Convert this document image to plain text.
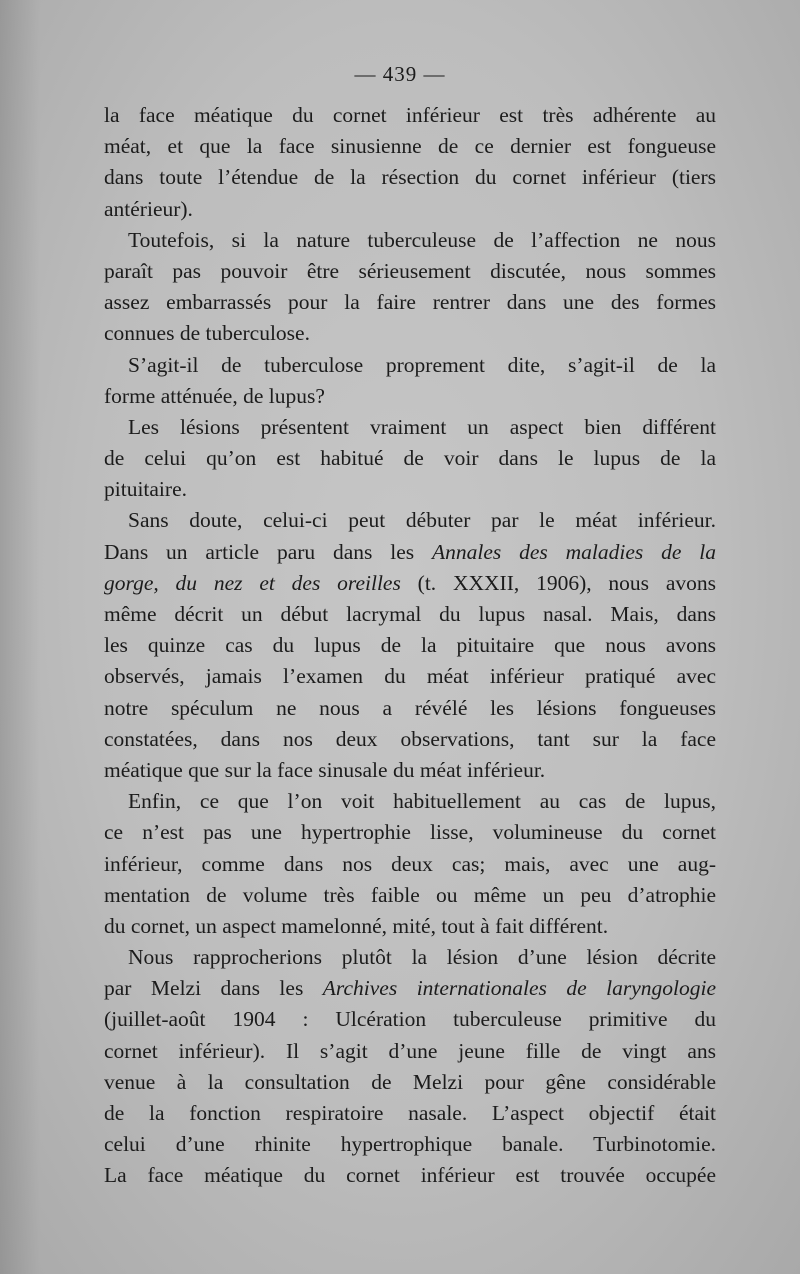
— 439 —
la face méatique du cornet inférieur est très adhérente au
méat, et que la face sinusienne de ce dernier est fongueuse
dans toute l’étendue de la résection du cornet inférieur (tiers
antérieur).
Toutefois, si la nature tuberculeuse de l’affection ne nous
paraît pas pouvoir être sérieusement discutée, nous sommes
assez embarrassés pour la faire rentrer dans une des formes
connues de tuberculose.
S’agit-il de tuberculose proprement dite, s’agit-il de la
forme atténuée, de lupus?
Les lésions présentent vraiment un aspect bien différent
de celui qu’on est habitué de voir dans le lupus de la
pituitaire.
Sans doute, celui-ci peut débuter par le méat inférieur.
Dans un article paru dans les Annales des maladies de la
gorge, du nez et des oreilles (t. XXXII, 1906), nous avons
même décrit un début lacrymal du lupus nasal. Mais, dans
les quinze cas du lupus de la pituitaire que nous avons
observés, jamais l’examen du méat inférieur pratiqué avec
notre spéculum ne nous a révélé les lésions fongueuses
constatées, dans nos deux observations, tant sur la face
méatique que sur la face sinusale du méat inférieur.
Enfin, ce que l’on voit habituellement au cas de lupus,
ce n’est pas une hypertrophie lisse, volumineuse du cornet
inférieur, comme dans nos deux cas; mais, avec une aug-
mentation de volume très faible ou même un peu d’atrophie
du cornet, un aspect mamelonné, mité, tout à fait différent.
Nous rapprocherions plutôt la lésion d’une lésion décrite
par Melzi dans les Archives internationales de laryngologie
(juillet-août 1904 : Ulcération tuberculeuse primitive du
cornet inférieur). Il s’agit d’une jeune fille de vingt ans
venue à la consultation de Melzi pour gêne considérable
de la fonction respiratoire nasale. L’aspect objectif était
celui d’une rhinite hypertrophique banale. Turbinotomie.
La face méatique du cornet inférieur est trouvée occupée
